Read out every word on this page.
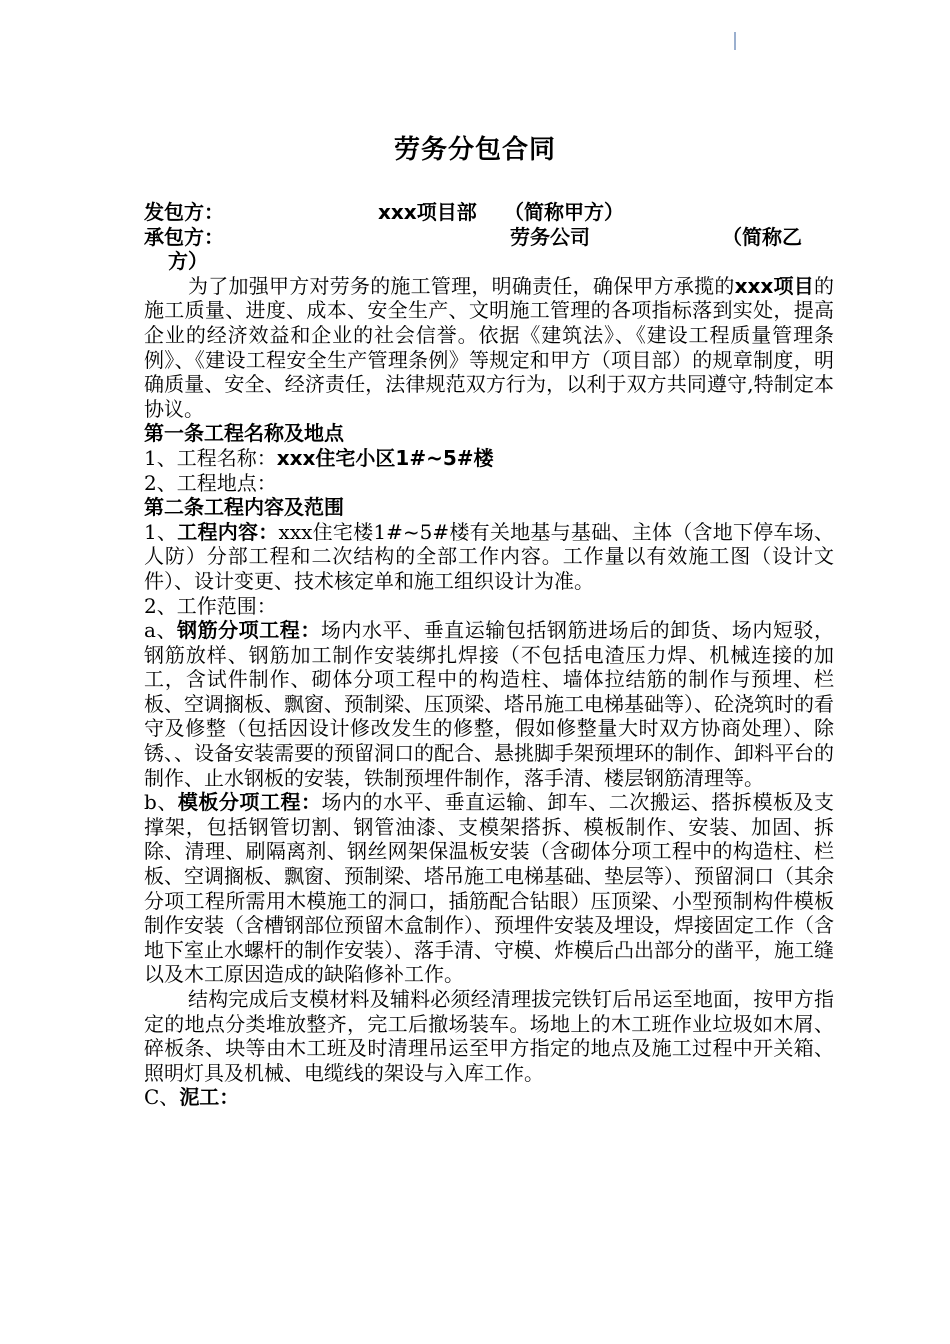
劳务分包合同
发包方：	xxx项目部 （简称甲方）
承包方：	劳务公司	（简称乙
方）

为了加强甲方对劳务的施工管理，明确责任，确保甲方承揽的xxx项目的施工质量、进度、成本、安全生产、文明施工管理的各项指标落到实处，提高企业的经济效益和企业的社会信誉。依据《建筑法》、《建设工程质量管理条例》、《建设工程安全生产管理条例》等规定和甲方（项目部）的规章制度，明确质量、安全、经济责任，法律规范双方行为，以利于双方共同遵守,特制定本协议。

第一条工程名称及地点

1、工程名称：xxx住宅小区1#~5#楼

2、工程地点：

第二条工程内容及范围

1、工程内容：xxx住宅楼1#~5#楼有关地基与基础、主体（含地下停车场、人防）分部工程和二次结构的全部工作内容。工作量以有效施工图（设计文件）、设计变更、技术核定单和施工组织设计为准。

2、工作范围：

a、钢筋分项工程：场内水平、垂直运输包括钢筋进场后的卸货、场内短驳，钢筋放样、钢筋加工制作安装绑扎焊接（不包括电渣压力焊、机械连接的加工，含试件制作、砌体分项工程中的构造柱、墙体拉结筋的制作与预埋、栏板、空调搁板、飘窗、预制梁、压顶梁、塔吊施工电梯基础等）、砼浇筑时的看守及修整（包括因设计修改发生的修整，假如修整量大时双方协商处理）、除锈、、设备安装需要的预留洞口的配合、悬挑脚手架预埋环的制作、卸料平台的制作、止水钢板的安装，铁制预埋件制作，落手清、楼层钢筋清理等。

b、模板分项工程：场内的水平、垂直运输、卸车、二次搬运、搭拆模板及支撑架，包括钢管切割、钢管油漆、支模架搭拆、模板制作、安装、加固、拆除、清理、刷隔离剂、钢丝网架保温板安装（含砌体分项工程中的构造柱、栏板、空调搁板、飘窗、预制梁、塔吊施工电梯基础、垫层等）、预留洞口（其余分项工程所需用木模施工的洞口，插筋配合钻眼）压顶梁、小型预制构件模板制作安装（含槽钢部位预留木盒制作）、预埋件安装及埋设，焊接固定工作（含地下室止水螺杆的制作安装）、落手清、守模、炸模后凸出部分的凿平，施工缝以及木工原因造成的缺陷修补工作。

结构完成后支模材料及辅料必须经清理拔完铁钉后吊运至地面，按甲方指定的地点分类堆放整齐，完工后撤场装车。场地上的木工班作业垃圾如木屑、碎板条、块等由木工班及时清理吊运至甲方指定的地点及施工过程中开关箱、照明灯具及机械、电缆线的架设与入库工作。

C、泥工：
